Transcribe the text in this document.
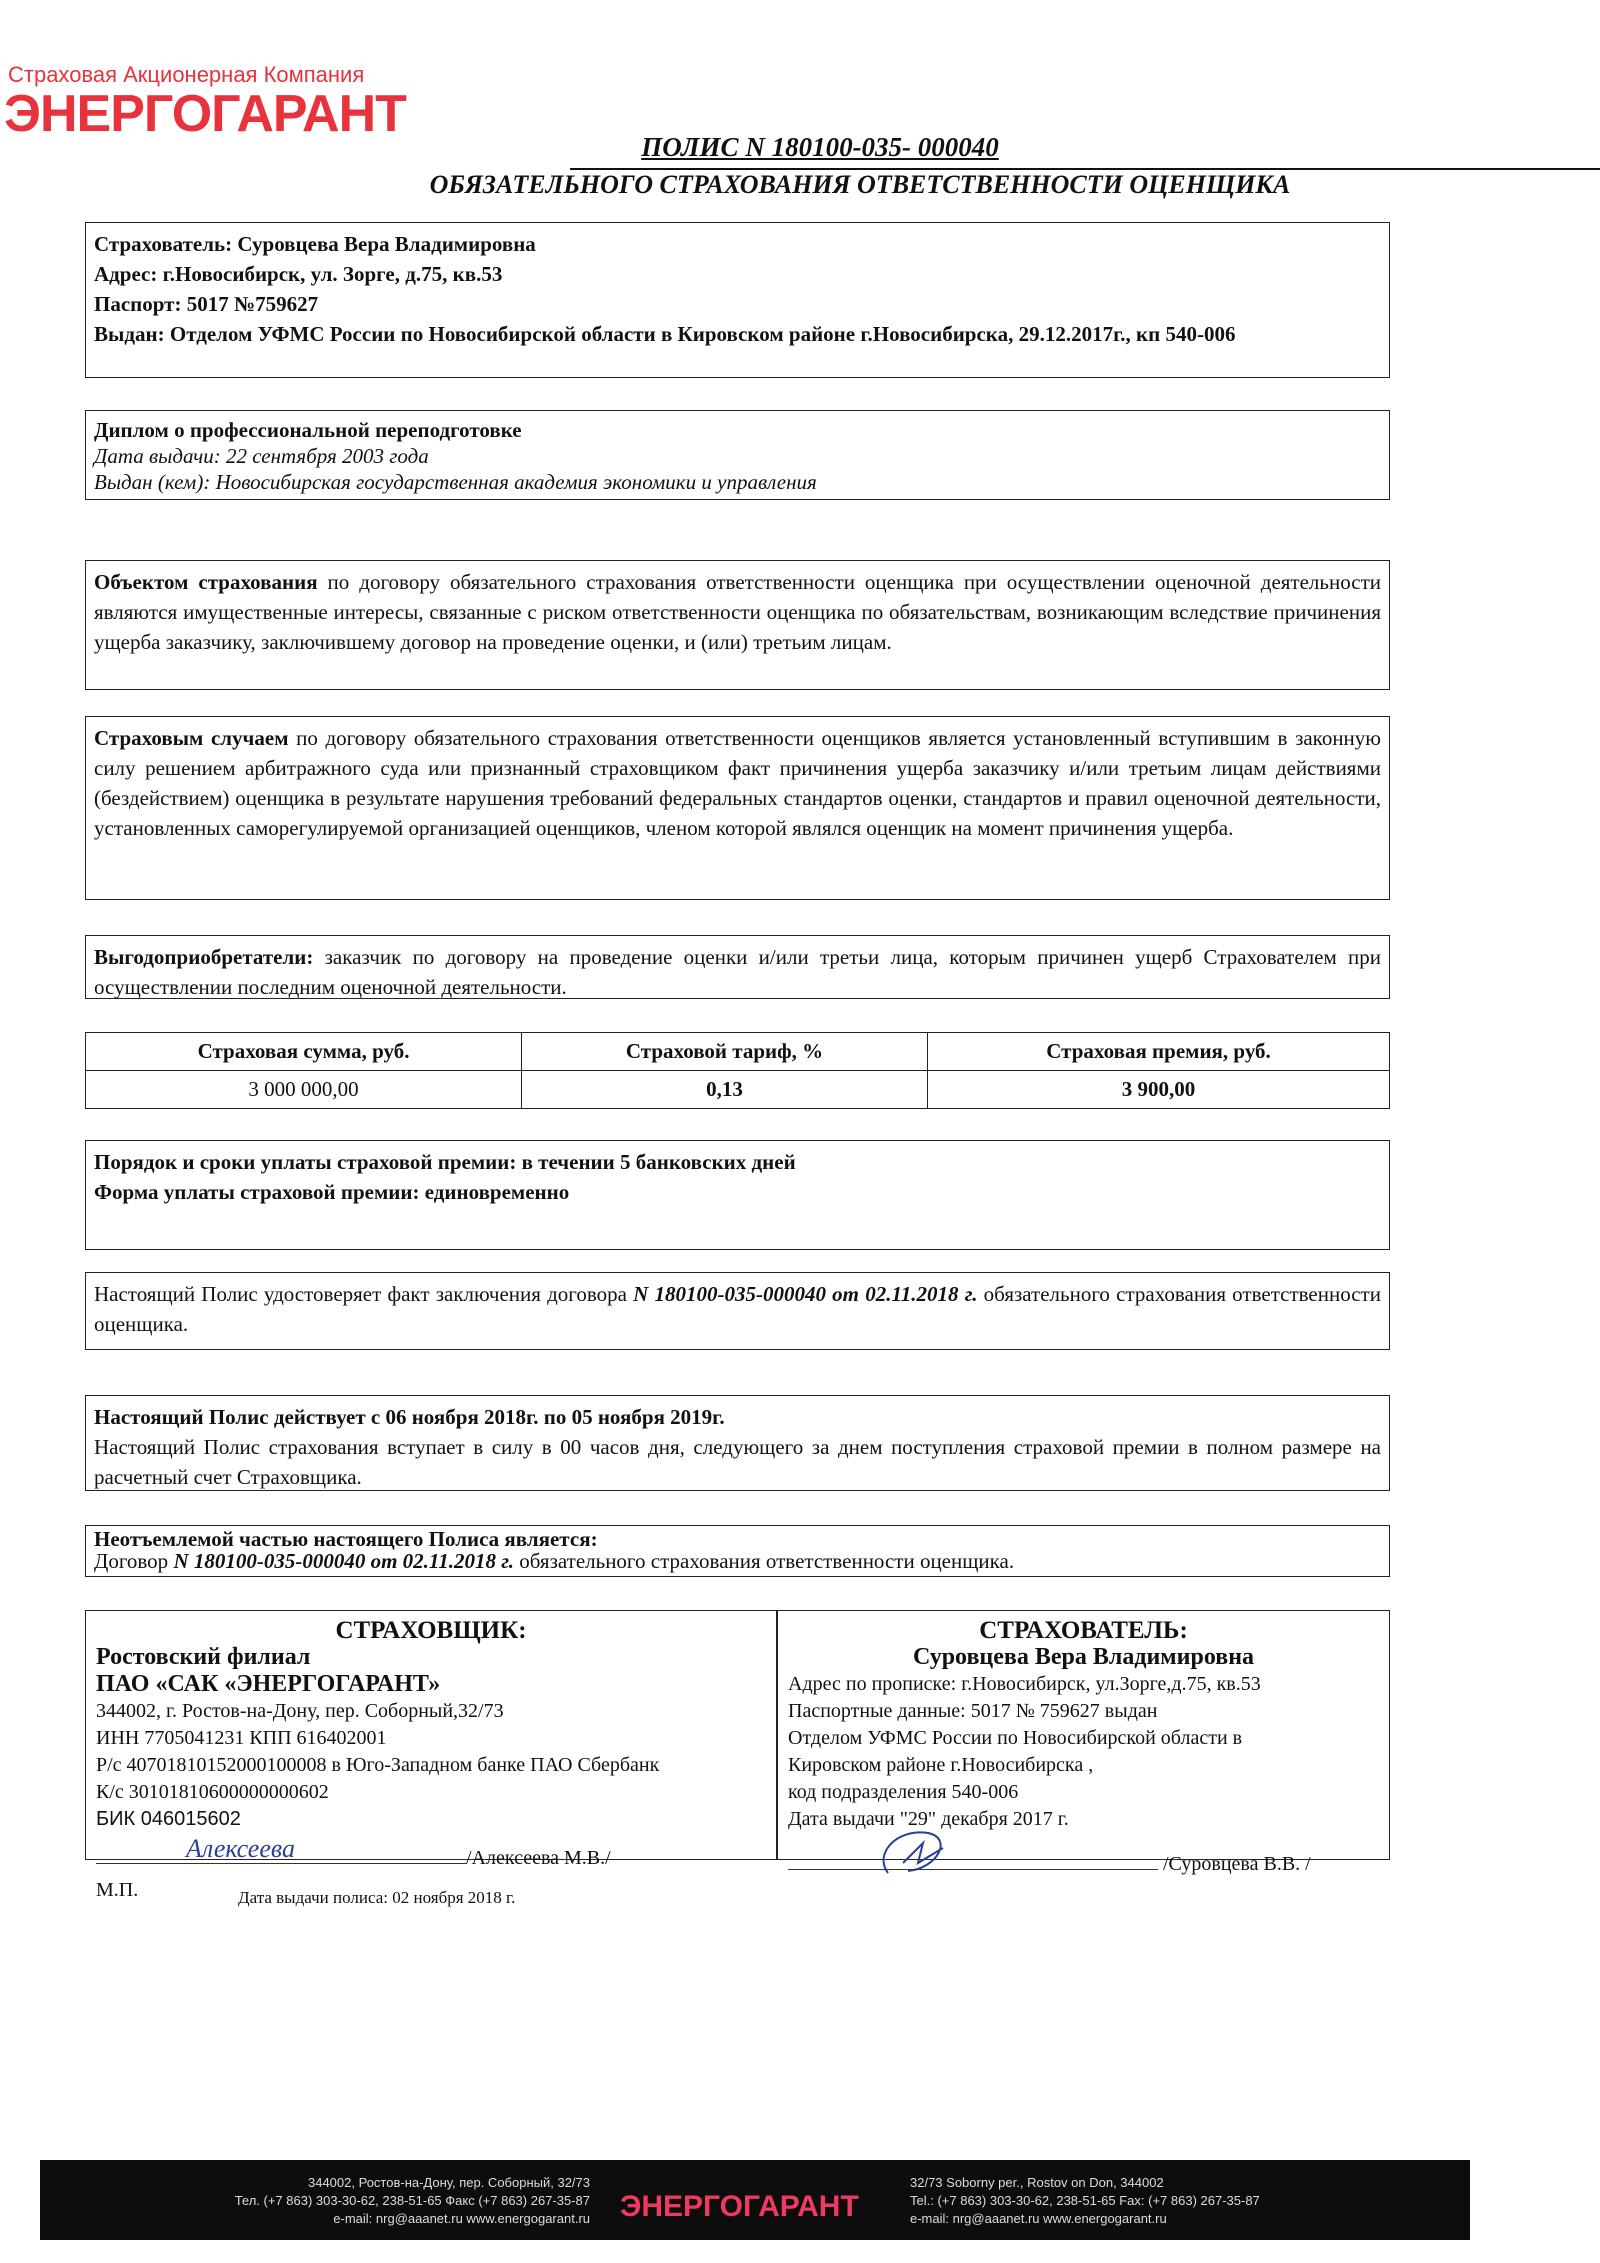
Страховая Акционерная Компания
ЭНЕРГОГАРАНТ
ПОЛИС N 180100-035- 000040
ОБЯЗАТЕЛЬНОГО СТРАХОВАНИЯ ОТВЕТСТВЕННОСТИ ОЦЕНЩИКА
Страхователь: Суровцева Вера Владимировна
Адрес: г.Новосибирск, ул. Зорге, д.75, кв.53
Паспорт: 5017 №759627
Выдан: Отделом УФМС России по Новосибирской области в Кировском районе г.Новосибирска, 29.12.2017г., кп 540-006
Диплом о профессиональной переподготовке
Дата выдачи: 22 сентября 2003 года
Выдан (кем): Новосибирская государственная академия экономики и управления
Объектом страхования по договору обязательного страхования ответственности оценщика при осуществлении оценочной деятельности являются имущественные интересы, связанные с риском ответственности оценщика по обязательствам, возникающим вследствие причинения ущерба заказчику, заключившему договор на проведение оценки, и (или) третьим лицам.
Страховым случаем по договору обязательного страхования ответственности оценщиков является установленный вступившим в законную силу решением арбитражного суда или признанный страховщиком факт причинения ущерба заказчику и/или третьим лицам действиями (бездействием) оценщика в результате нарушения требований федеральных стандартов оценки, стандартов и правил оценочной деятельности, установленных саморегулируемой организацией оценщиков, членом которой являлся оценщик на момент причинения ущерба.
Выгодоприобретатели: заказчик по договору на проведение оценки и/или третьи лица, которым причинен ущерб Страхователем при осуществлении последним оценочной деятельности.
Страховая сумма, руб.	Страховой тариф, %	Страховая премия, руб.
3 000 000,00	0,13	3 900,00
Порядок и сроки уплаты страховой премии: в течении 5 банковских дней
Форма уплаты страховой премии: единовременно
Настоящий Полис удостоверяет факт заключения договора N 180100-035-000040 от 02.11.2018 г. обязательного страхования ответственности оценщика.
Настоящий Полис действует с 06 ноября 2018г. по 05 ноября 2019г.
Настоящий Полис страхования вступает в силу в 00 часов дня, следующего за днем поступления страховой премии в полном размере на расчетный счет Страховщика.
Неотъемлемой частью настоящего Полиса является:
Договор N 180100-035-000040 от 02.11.2018 г. обязательного страхования ответственности оценщика.
СТРАХОВЩИК:
Ростовский филиал
ПАО «САК «ЭНЕРГОГАРАНТ»
344002, г. Ростов-на-Дону, пер. Соборный,32/73
ИНН 7705041231 КПП 616402001
Р/с 40701810152000100008 в Юго-Западном банке ПАО Сбербанк
К/с 30101810600000000602
БИК 046015602
Алексеева	/Алексеева М.В./
М.П.
СТРАХОВАТЕЛЬ:
Суровцева Вера Владимировна
Адрес по прописке: г.Новосибирск, ул.Зорге,д.75, кв.53
Паспортные данные: 5017 № 759627 выдан
Отделом УФМС России по Новосибирской области в
Кировском районе г.Новосибирска ,
код подразделения 540-006
Дата выдачи "29" декабря 2017 г.
/Суровцева В.В. /
Дата выдачи полиса: 02 ноября 2018 г.
344002, Ростов-на-Дону, пер. Соборный, 32/73
Тел. (+7 863) 303-30-62, 238-51-65 Факс (+7 863) 267-35-87
e-mail: nrg@aaanet.ru www.energogarant.ru ЭНЕРГОГАРАНТ
32/73 Soborny per., Rostov on Don, 344002
Tel.: (+7 863) 303-30-62, 238-51-65 Fax: (+7 863) 267-35-87
e-mail: nrg@aaanet.ru www.energogarant.ru
